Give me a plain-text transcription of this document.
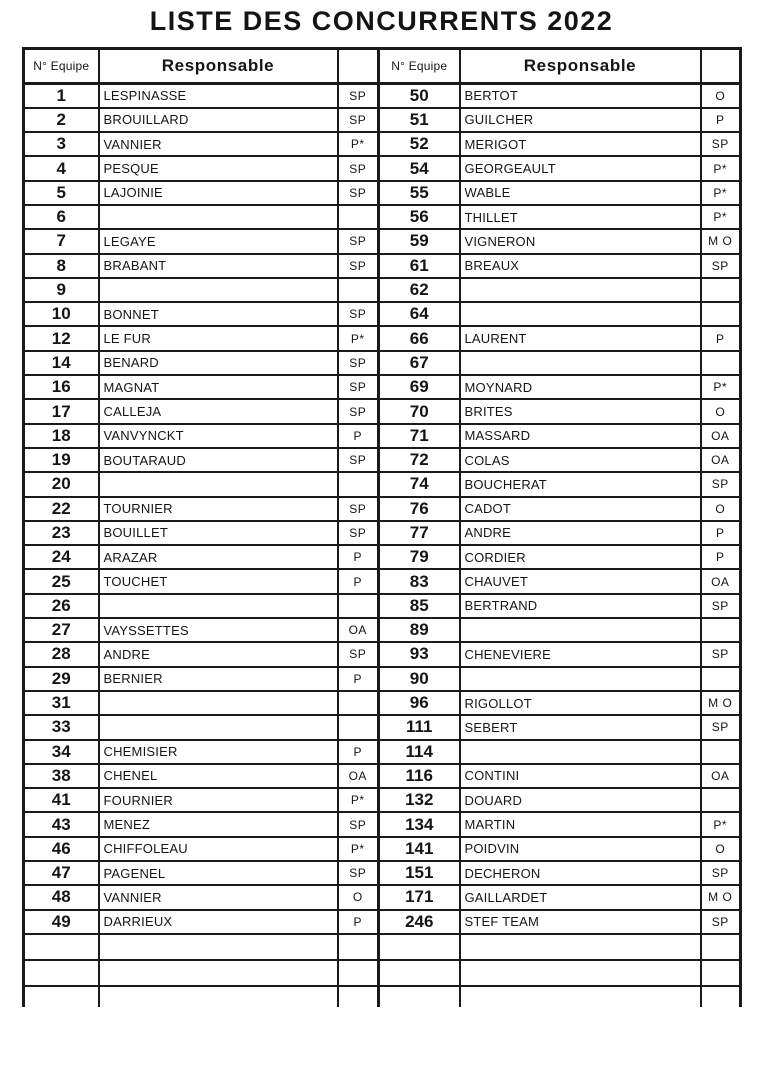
LISTE DES CONCURRENTS 2022
N° Equipe	Responsable		N° Equipe	Responsable	
1	LESPINASSE	SP	50	BERTOT	O
2	BROUILLARD	SP	51	GUILCHER	P
3	VANNIER	P*	52	MERIGOT	SP
4	PESQUE	SP	54	GEORGEAULT	P*
5	LAJOINIE	SP	55	WABLE	P*
6			56	THILLET	P*
7	LEGAYE	SP	59	VIGNERON	M O
8	BRABANT	SP	61	BREAUX	SP
9			62		
10	BONNET	SP	64		
12	LE FUR	P*	66	LAURENT	P
14	BENARD	SP	67		
16	MAGNAT	SP	69	MOYNARD	P*
17	CALLEJA	SP	70	BRITES	O
18	VANVYNCKT	P	71	MASSARD	OA
19	BOUTARAUD	SP	72	COLAS	OA
20			74	BOUCHERAT	SP
22	TOURNIER	SP	76	CADOT	O
23	BOUILLET	SP	77	ANDRE	P
24	ARAZAR	P	79	CORDIER	P
25	TOUCHET	P	83	CHAUVET	OA
26			85	BERTRAND	SP
27	VAYSSETTES	OA	89		
28	ANDRE	SP	93	CHENEVIERE	SP
29	BERNIER	P	90		
31			96	RIGOLLOT	M O
33			111	SEBERT	SP
34	CHEMISIER	P	114		
38	CHENEL	OA	116	CONTINI	OA
41	FOURNIER	P*	132	DOUARD	
43	MENEZ	SP	134	MARTIN	P*
46	CHIFFOLEAU	P*	141	POIDVIN	O
47	PAGENEL	SP	151	DECHERON	SP
48	VANNIER	O	171	GAILLARDET	M O
49	DARRIEUX	P	246	STEF TEAM	SP
